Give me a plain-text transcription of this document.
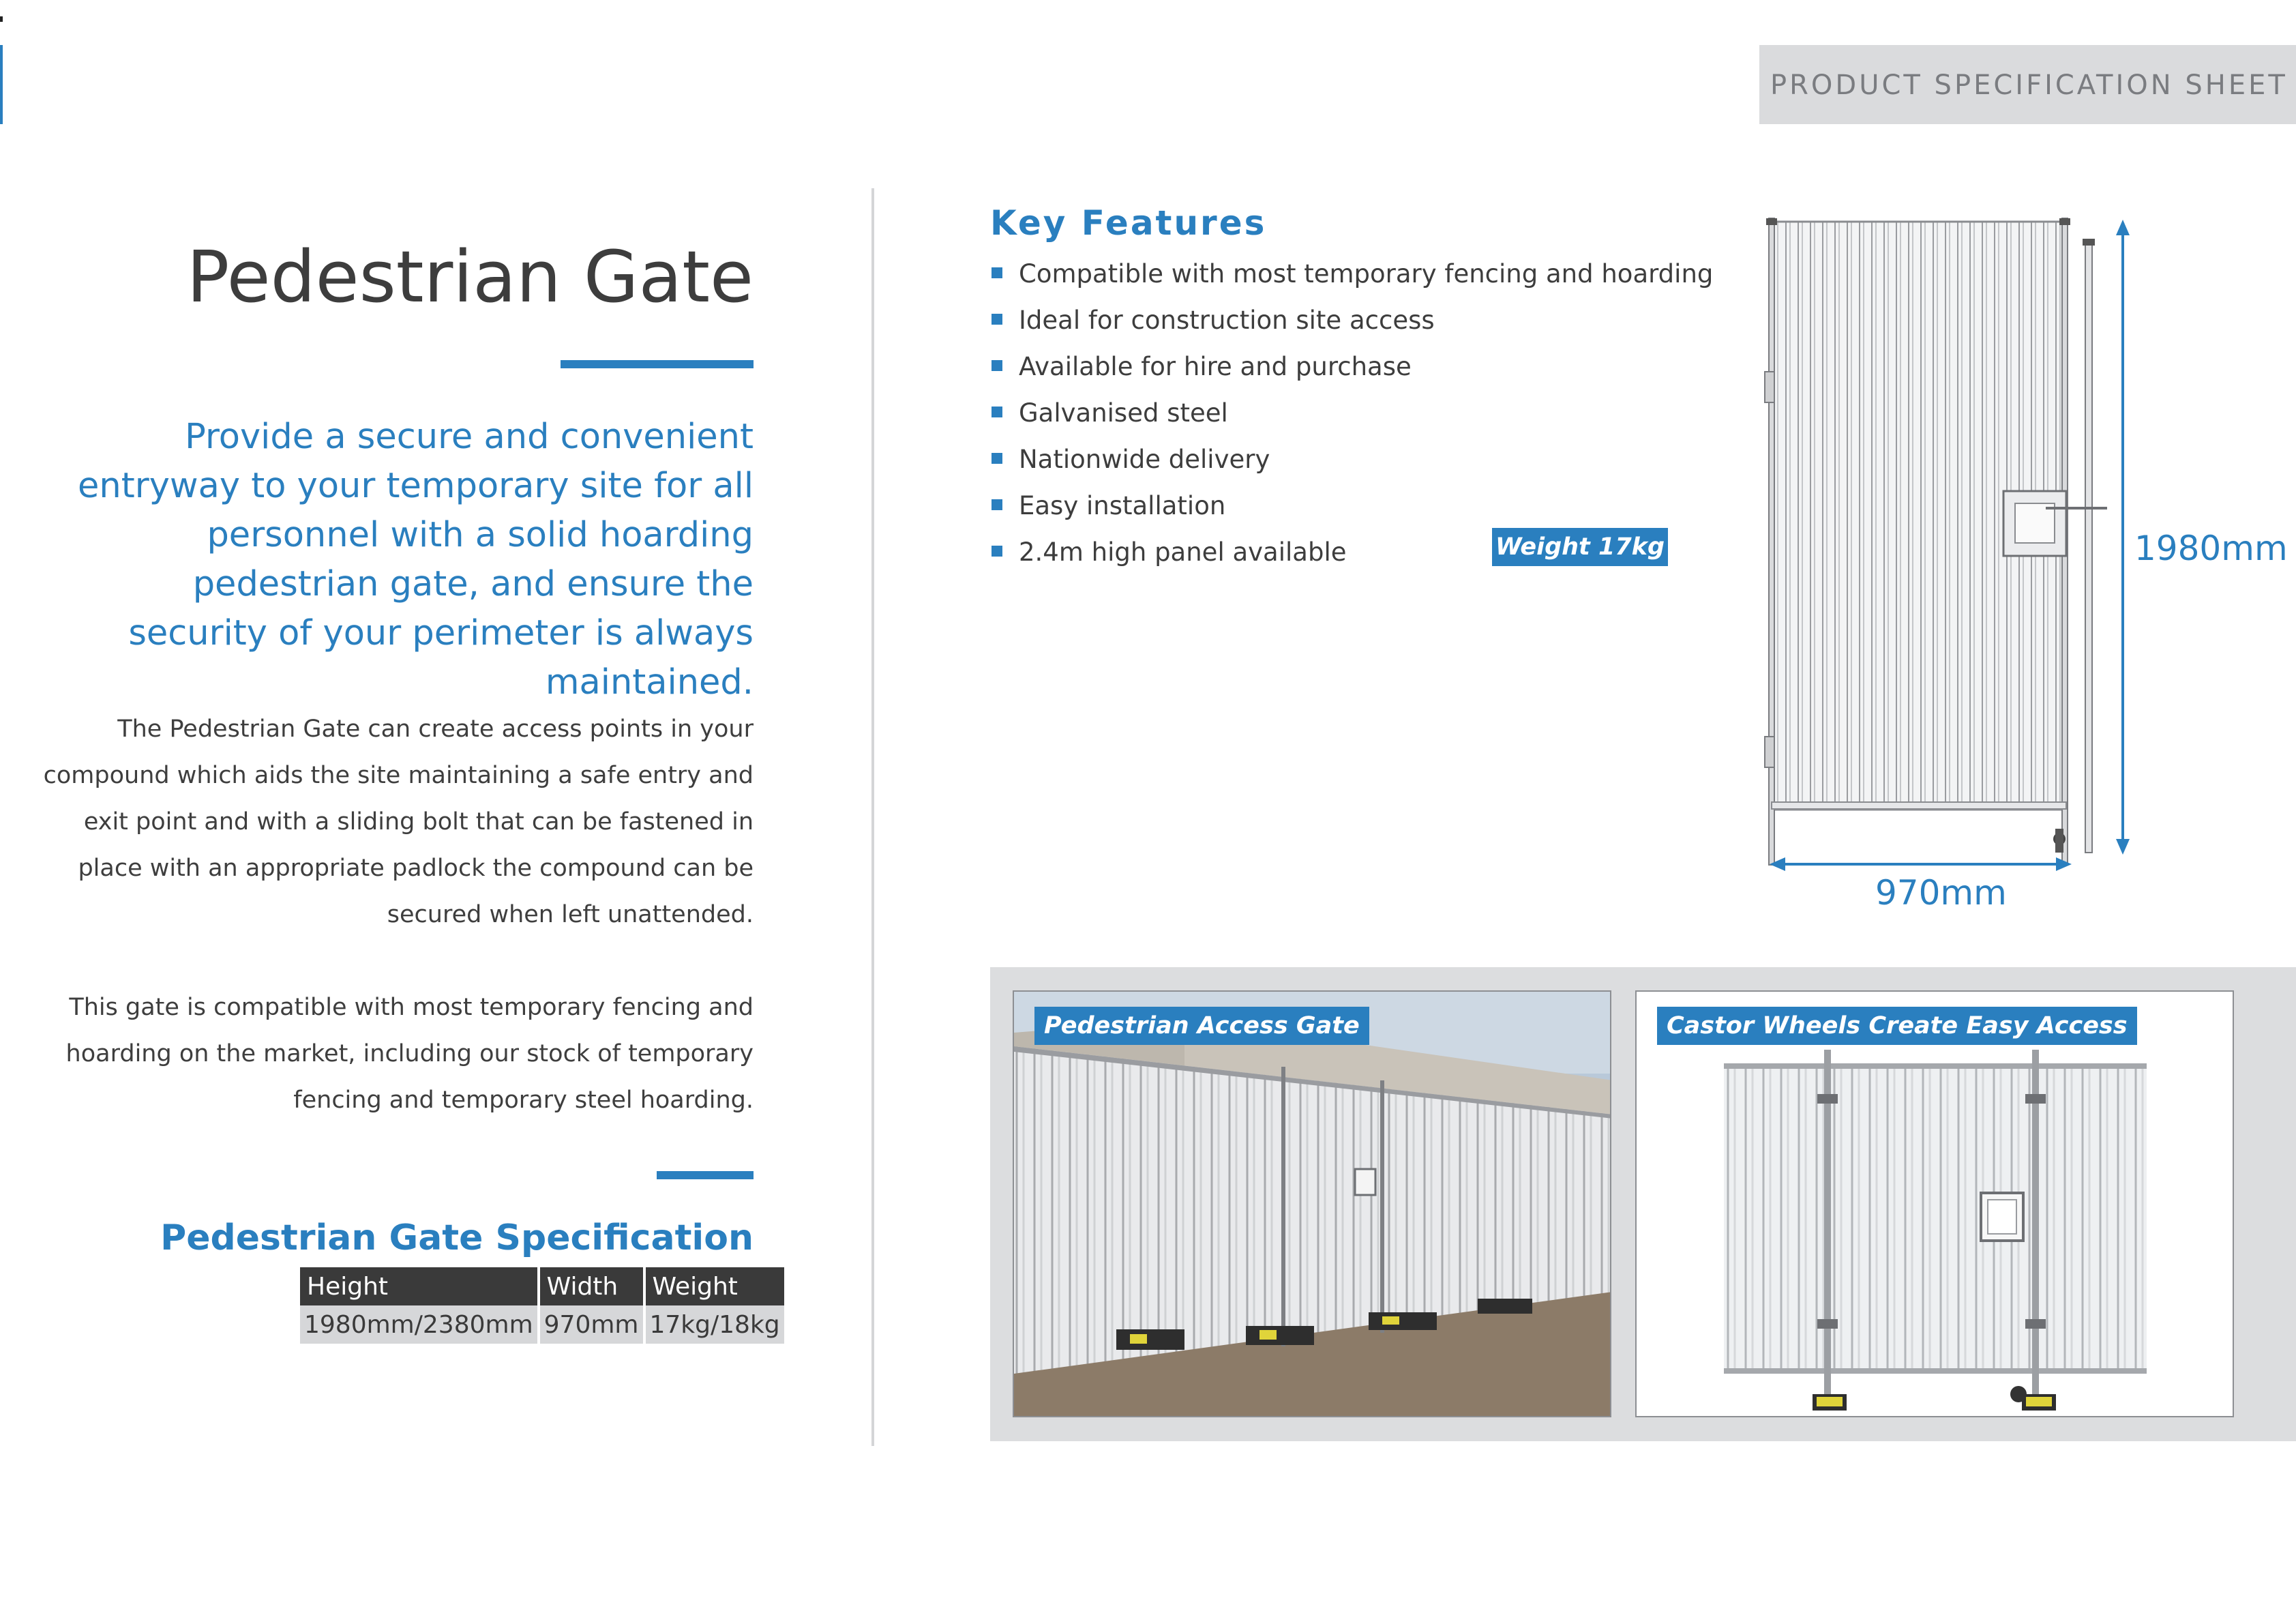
PRODUCT SPECIFICATION SHEET
Pedestrian Gate

Provide a secure and convenient entryway to your temporary site for all personnel with a solid hoarding pedestrian gate, and ensure the security of your perimeter is always maintained.

The Pedestrian Gate can create access points in your compound which aids the site maintaining a safe entry and exit point and with a sliding bolt that can be fastened in place with an appropriate padlock the compound can be secured when left unattended.

This gate is compatible with most temporary fencing and hoarding on the market, including our stock of temporary fencing and temporary steel hoarding.

Pedestrian Gate Specification
Height	Width	Weight
1980mm/2380mm	970mm	17kg/18kg
Key Features
Compatible with most temporary fencing and hoarding
Ideal for construction site access
Available for hire and purchase
Galvanised steel
Nationwide delivery
Easy installation
2.4m high panel available	Weight 17kg	1980mm
970mm
Pedestrian Access Gate	Castor Wheels Create Easy Access
